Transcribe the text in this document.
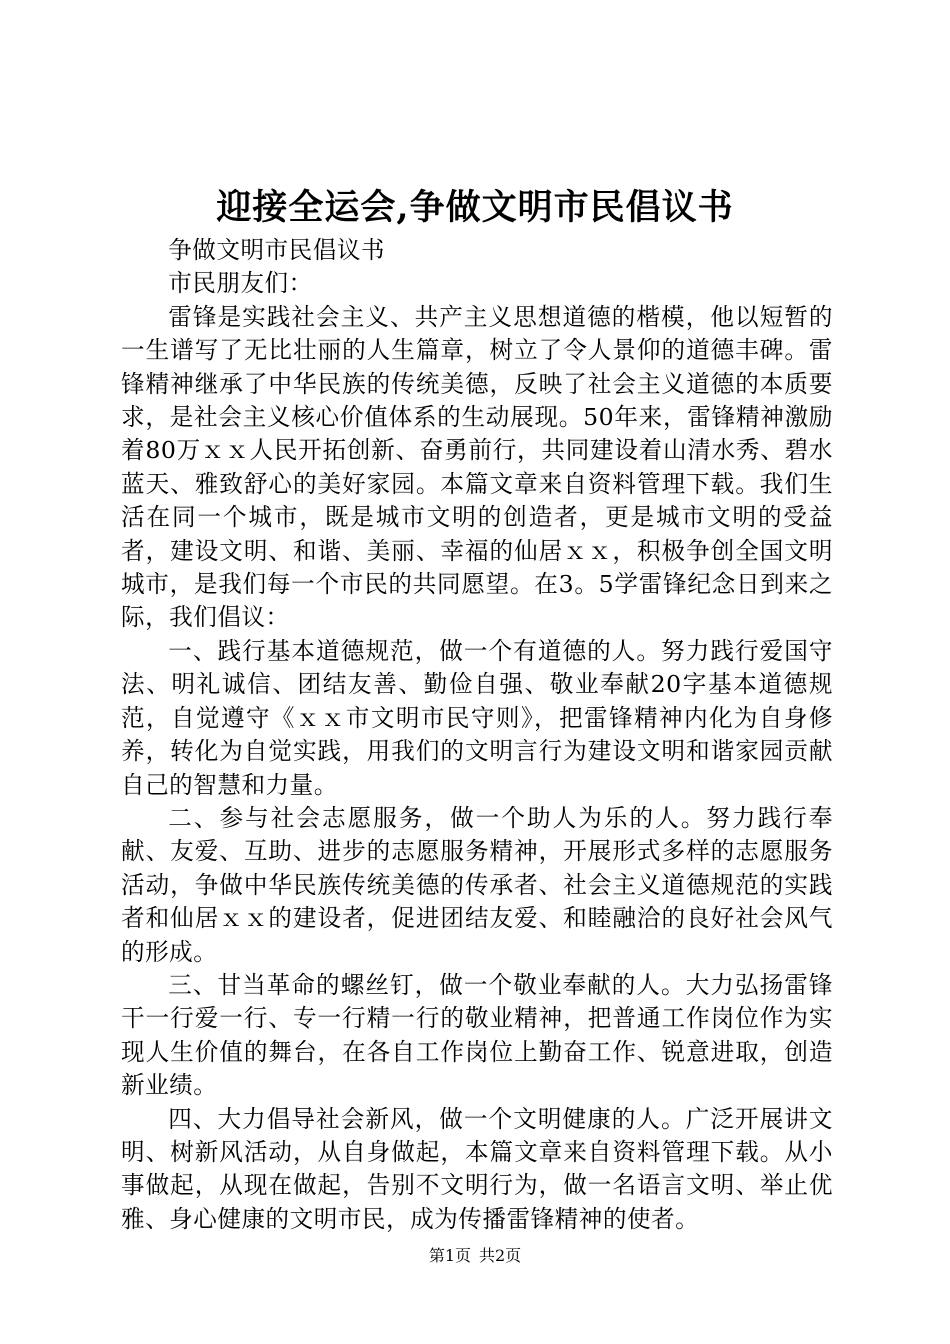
迎接全运会,争做文明市民倡议书

争做文明市民倡议书

市民朋友们：

雷锋是实践社会主义、共产主义思想道德的楷模，他以短暂的一生谱写了无比壮丽的人生篇章，树立了令人景仰的道德丰碑。雷锋精神继承了中华民族的传统美德，反映了社会主义道德的本质要求，是社会主义核心价值体系的生动展现。50年来，雷锋精神激励着80万ｘｘ人民开拓创新、奋勇前行，共同建设着山清水秀、碧水蓝天、雅致舒心的美好家园。本篇文章来自资料管理下载。我们生活在同一个城市，既是城市文明的创造者，更是城市文明的受益者，建设文明、和谐、美丽、幸福的仙居ｘｘ，积极争创全国文明城市，是我们每一个市民的共同愿望。在3。5学雷锋纪念日到来之际，我们倡议：

一、践行基本道德规范，做一个有道德的人。努力践行爱国守法、明礼诚信、团结友善、勤俭自强、敬业奉献20字基本道德规范，自觉遵守《ｘｘ市文明市民守则》，把雷锋精神内化为自身修养，转化为自觉实践，用我们的文明言行为建设文明和谐家园贡献自己的智慧和力量。

二、参与社会志愿服务，做一个助人为乐的人。努力践行奉献、友爱、互助、进步的志愿服务精神，开展形式多样的志愿服务活动，争做中华民族传统美德的传承者、社会主义道德规范的实践者和仙居ｘｘ的建设者，促进团结友爱、和睦融洽的良好社会风气的形成。

三、甘当革命的螺丝钉，做一个敬业奉献的人。大力弘扬雷锋干一行爱一行、专一行精一行的敬业精神，把普通工作岗位作为实现人生价值的舞台，在各自工作岗位上勤奋工作、锐意进取，创造新业绩。

四、大力倡导社会新风，做一个文明健康的人。广泛开展讲文明、树新风活动，从自身做起，本篇文章来自资料管理下载。从小事做起，从现在做起，告别不文明行为，做一名语言文明、举止优雅、身心健康的文明市民，成为传播雷锋精神的使者。

第1页 共2页
